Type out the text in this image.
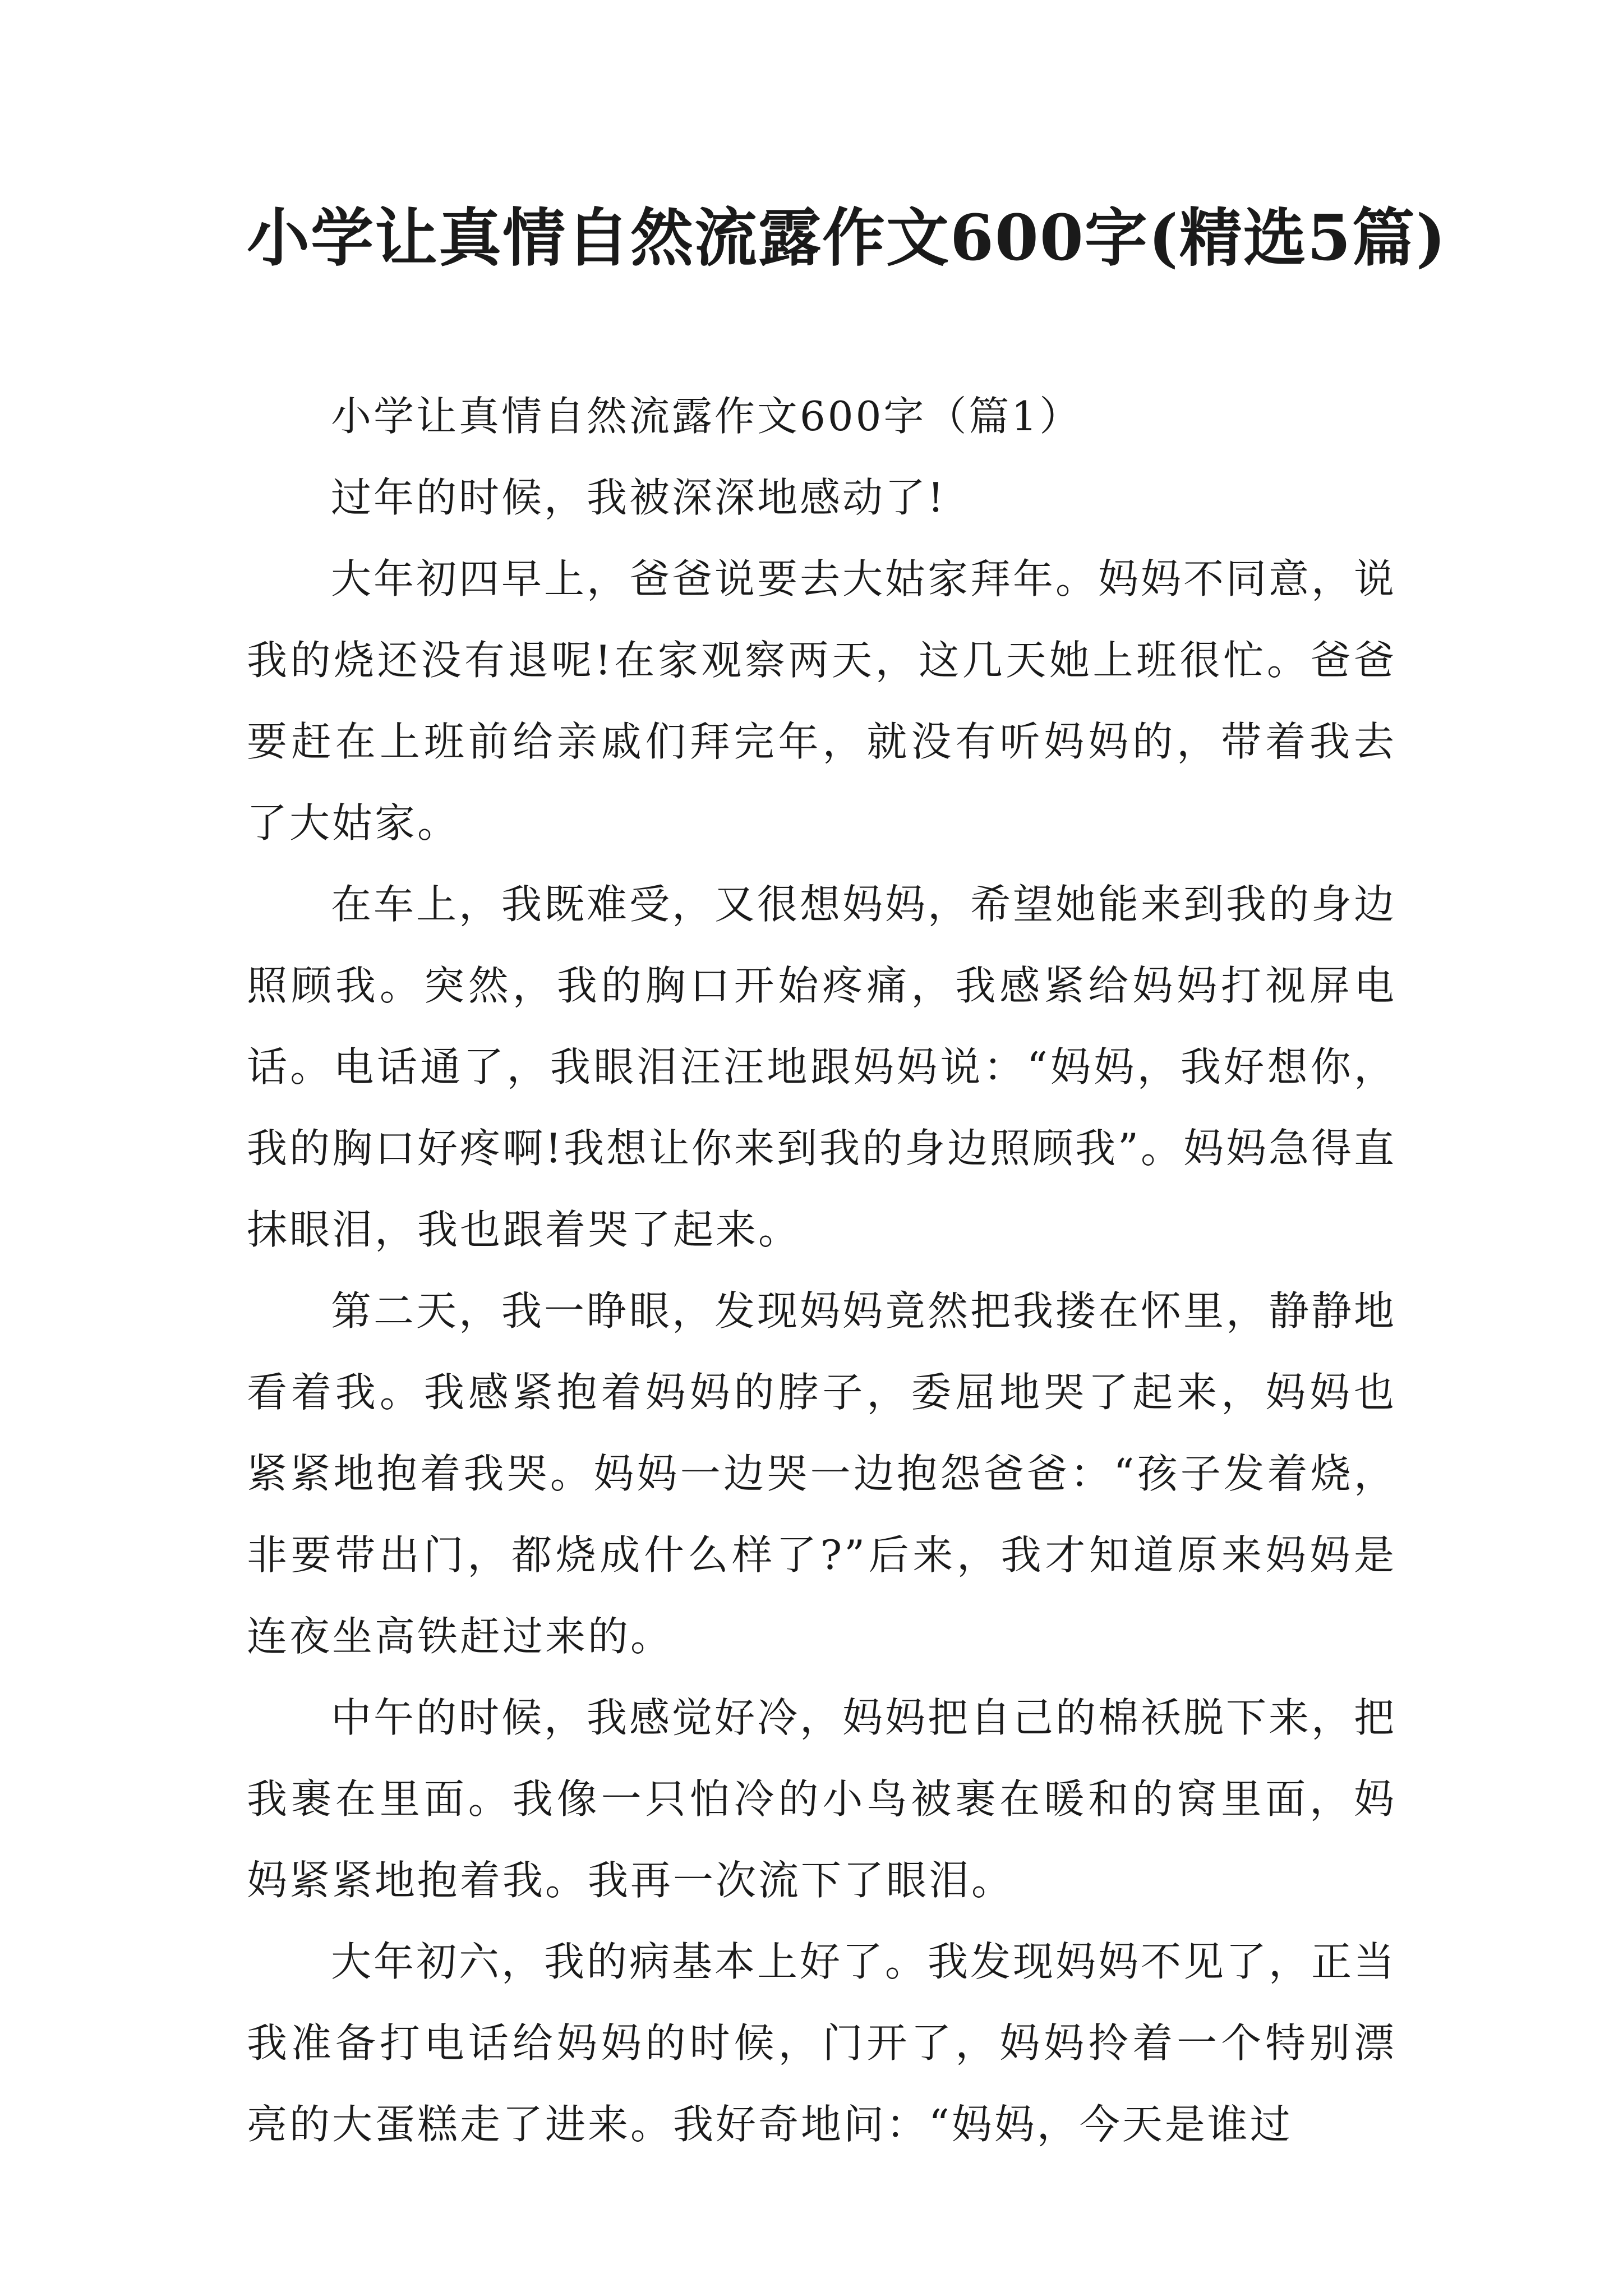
小学让真情自然流露作文600字(精选5篇)

小学让真情自然流露作文600字（篇1）

过年的时候，我被深深地感动了!

大年初四早上，爸爸说要去大姑家拜年。妈妈不同意，说我的烧还没有退呢!在家观察两天，这几天她上班很忙。爸爸要赶在上班前给亲戚们拜完年，就没有听妈妈的，带着我去了大姑家。

在车上，我既难受，又很想妈妈，希望她能来到我的身边照顾我。突然，我的胸口开始疼痛，我感紧给妈妈打视屏电话。电话通了，我眼泪汪汪地跟妈妈说：“妈妈，我好想你，我的胸口好疼啊!我想让你来到我的身边照顾我”。妈妈急得直抹眼泪，我也跟着哭了起来。

第二天，我一睁眼，发现妈妈竟然把我搂在怀里，静静地看着我。我感紧抱着妈妈的脖子，委屈地哭了起来，妈妈也紧紧地抱着我哭。妈妈一边哭一边抱怨爸爸：“孩子发着烧，非要带出门，都烧成什么样了?”后来，我才知道原来妈妈是连夜坐高铁赶过来的。

中午的时候，我感觉好冷，妈妈把自己的棉袄脱下来，把我裹在里面。我像一只怕冷的小鸟被裹在暖和的窝里面，妈妈紧紧地抱着我。我再一次流下了眼泪。

大年初六，我的病基本上好了。我发现妈妈不见了，正当我准备打电话给妈妈的时候，门开了，妈妈拎着一个特别漂亮的大蛋糕走了进来。我好奇地问：“妈妈，今天是谁过
